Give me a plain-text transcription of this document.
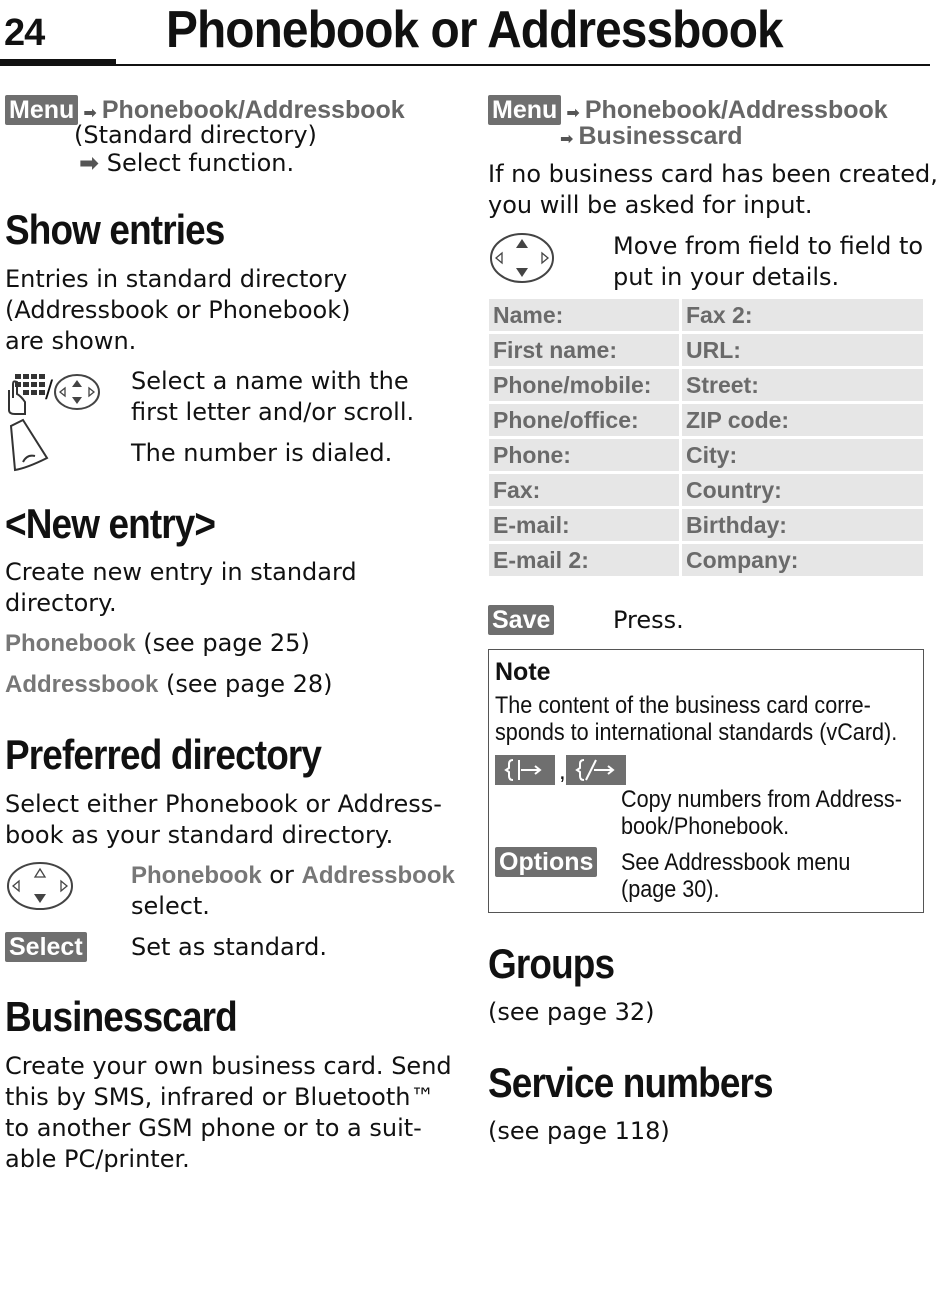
24 Phonebook or Addressbook
Menu ➡ Phonebook/Addressbook
(Standard directory)
➡ Select function.
Show entries
Entries in standard directory
(Addressbook or Phonebook)
are shown.
/	Select a name with the
first letter and/or scroll.
The number is dialed.
<New entry>
Create new entry in standard
directory.
Phonebook (see page 25)
Addressbook (see page 28)
Preferred directory
Select either Phonebook or Address-
book as your standard directory.
Phonebook or Addressbook
select.
Select Set as standard.
Businesscard
Create your own business card. Send
this by SMS, infrared or Bluetooth™
to another GSM phone or to a suit-
able PC/printer.
Menu ➡ Phonebook/Addressbook
➡ Businesscard
If no business card has been created,
you will be asked for input.
Move from field to field to
put in your details.
Name:	Fax 2:
First name:	URL:
Phone/mobile:	Street:
Phone/office:	ZIP code:
Phone:	City:
Fax:	Country:
E-mail:	Birthday:
E-mail 2:	Company:
Save	Press.
Note
The content of the business card corre-
sponds to international standards (vCard).
,
Copy numbers from Address-
book/Phonebook.
Options See Addressbook menu
(page 30).
Groups
(see page 32)
Service numbers
(see page 118)
